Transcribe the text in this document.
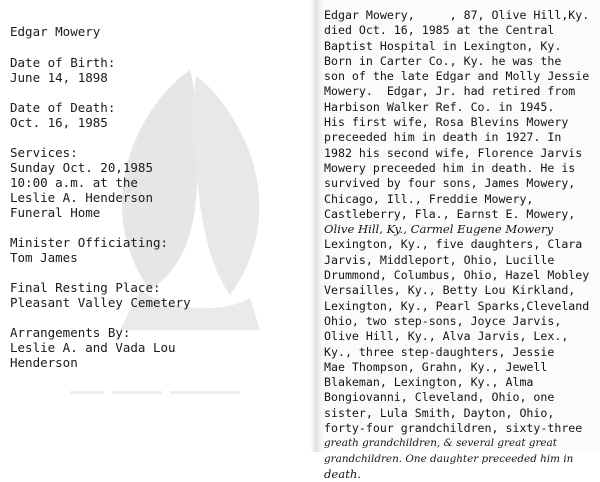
Edgar Mowery
Date of Birth:
June 14, 1898
Date of Death:
Oct. 16, 1985
Services:
Sunday Oct. 20,1985
10:00 a.m. at the
Leslie A. Henderson
Funeral Home
Minister Officiating:
Tom James
Final Resting Place:
Pleasant Valley Cemetery
Arrangements By:
Leslie A. and Vada Lou
Henderson
Edgar Mowery,     , 87, Olive Hill,Ky.
died Oct. 16, 1985 at the Central
Baptist Hospital in Lexington, Ky.
Born in Carter Co., Ky. he was the
son of the late Edgar and Molly Jessie
Mowery.  Edgar, Jr. had retired from
Harbison Walker Ref. Co. in 1945.
His first wife, Rosa Blevins Mowery
preceeded him in death in 1927. In
1982 his second wife, Florence Jarvis
Mowery preceeded him in death. He is
survived by four sons, James Mowery,
Chicago, Ill., Freddie Mowery,
Castleberry, Fla., Earnst E. Mowery,
Olive Hill, Ky., Carmel Eugene Mowery
Lexington, Ky., five daughters, Clara
Jarvis, Middleport, Ohio, Lucille
Drummond, Columbus, Ohio, Hazel Mobley
Versailles, Ky., Betty Lou Kirkland,
Lexington, Ky., Pearl Sparks,Cleveland
Ohio, two step-sons, Joyce Jarvis,
Olive Hill, Ky., Alva Jarvis, Lex.,
Ky., three step-daughters, Jessie
Mae Thompson, Grahn, Ky., Jewell
Blakeman, Lexington, Ky., Alma
Bongiovanni, Cleveland, Ohio, one
sister, Lula Smith, Dayton, Ohio,
forty-four grandchildren, sixty-three
greath grandchildren, & several great great
grandchildren. One daughter preceeded him in
death.
